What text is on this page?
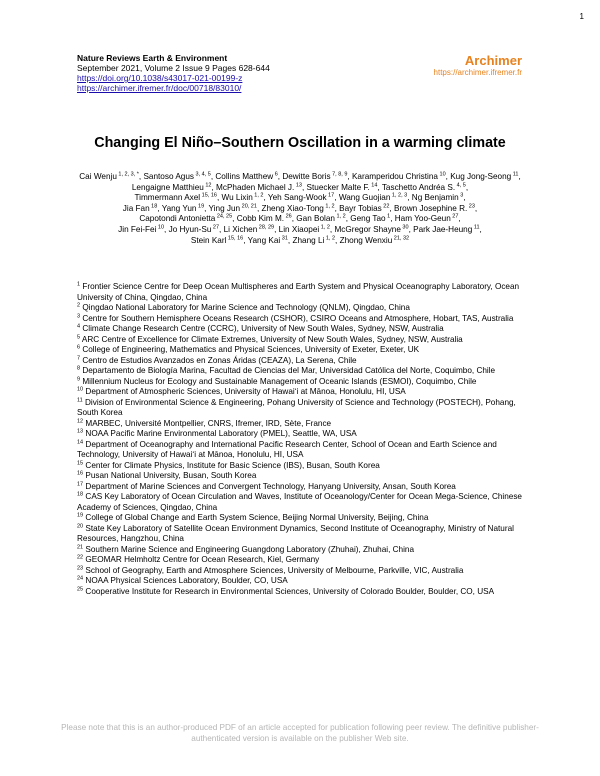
1
Nature Reviews Earth & Environment
September 2021, Volume 2 Issue 9 Pages 628-644
https://doi.org/10.1038/s43017-021-00199-z
https://archimer.ifremer.fr/doc/00718/83010/
Archimer
https://archimer.ifremer.fr
Changing El Niño–Southern Oscillation in a warming climate
Cai Wenju $^{1, 2, 3, *}$, Santoso Agus $^{3, 4, 5}$, Collins Matthew $^6$, Dewitte Boris $^{7, 8, 9}$, Karamperidou Christina $^{10}$, Kug Jong-Seong $^{11}$,
Lengaigne Matthieu $^{12}$, McPhaden Michael J. $^{13}$, Stuecker Malte F. $^{14}$, Taschetto Andréa S. $^{4, 5}$,
Timmermann Axel $^{15, 16}$, Wu Lixin $^{1, 2}$, Yeh Sang-Wook $^{17}$, Wang Guojian $^{1, 2, 3}$, Ng Benjamin $^3$,
Jia Fan $^{18}$, Yang Yun $^{19}$, Ying Jun $^{20, 21}$, Zheng Xiao-Tong $^{1, 2}$, Bayr Tobias $^{22}$, Brown Josephine R. $^{23}$,
Capotondi Antonietta $^{24, 25}$, Cobb Kim M. $^{26}$, Gan Bolan $^{1, 2}$, Geng Tao $^1$, Ham Yoo-Geun $^{27}$,
Jin Fei-Fei $^{10}$, Jo Hyun-Su $^{27}$, Li Xichen $^{28, 29}$, Lin Xiaopei $^{1, 2}$, McGregor Shayne $^{30}$, Park Jae-Heung $^{11}$,
Stein Karl $^{15, 16}$, Yang Kai $^{31}$, Zhang Li $^{1, 2}$, Zhong Wenxiu $^{21, 32}$

$^1$ Frontier Science Centre for Deep Ocean Multispheres and Earth System and Physical Oceanography Laboratory, Ocean University of China, Qingdao, China

$^2$ Qingdao National Laboratory for Marine Science and Technology (QNLM), Qingdao, China

$^3$ Centre for Southern Hemisphere Oceans Research (CSHOR), CSIRO Oceans and Atmosphere, Hobart, TAS, Australia

$^4$ Climate Change Research Centre (CCRC), University of New South Wales, Sydney, NSW, Australia

$^5$ ARC Centre of Excellence for Climate Extremes, University of New South Wales, Sydney, NSW, Australia

$^6$ College of Engineering, Mathematics and Physical Sciences, University of Exeter, Exeter, UK

$^7$ Centro de Estudios Avanzados en Zonas Áridas (CEAZA), La Serena, Chile

$^8$ Departamento de Biología Marina, Facultad de Ciencias del Mar, Universidad Católica del Norte, Coquimbo, Chile

$^9$ Millennium Nucleus for Ecology and Sustainable Management of Oceanic Islands (ESMOI), Coquimbo, Chile

$^{10}$ Department of Atmospheric Sciences, University of Hawaiʻi at Mānoa, Honolulu, HI, USA

$^{11}$ Division of Environmental Science & Engineering, Pohang University of Science and Technology (POSTECH), Pohang, South Korea

$^{12}$ MARBEC, Université Montpellier, CNRS, Ifremer, IRD, Sète, France

$^{13}$ NOAA Pacific Marine Environmental Laboratory (PMEL), Seattle, WA, USA

$^{14}$ Department of Oceanography and International Pacific Research Center, School of Ocean and Earth Science and Technology, University of Hawaiʻi at Mānoa, Honolulu, HI, USA

$^{15}$ Center for Climate Physics, Institute for Basic Science (IBS), Busan, South Korea

$^{16}$ Pusan National University, Busan, South Korea

$^{17}$ Department of Marine Sciences and Convergent Technology, Hanyang University, Ansan, South Korea

$^{18}$ CAS Key Laboratory of Ocean Circulation and Waves, Institute of Oceanology/Center for Ocean Mega-Science, Chinese Academy of Sciences, Qingdao, China

$^{19}$ College of Global Change and Earth System Science, Beijing Normal University, Beijing, China

$^{20}$ State Key Laboratory of Satellite Ocean Environment Dynamics, Second Institute of Oceanography, Ministry of Natural Resources, Hangzhou, China

$^{21}$ Southern Marine Science and Engineering Guangdong Laboratory (Zhuhai), Zhuhai, China

$^{22}$ GEOMAR Helmholtz Centre for Ocean Research, Kiel, Germany

$^{23}$ School of Geography, Earth and Atmosphere Sciences, University of Melbourne, Parkville, VIC, Australia

$^{24}$ NOAA Physical Sciences Laboratory, Boulder, CO, USA

$^{25}$ Cooperative Institute for Research in Environmental Sciences, University of Colorado Boulder, Boulder, CO, USA

Please note that this is an author-produced PDF of an article accepted for publication following peer review. The definitive publisher-authenticated version is available on the publisher Web site.
